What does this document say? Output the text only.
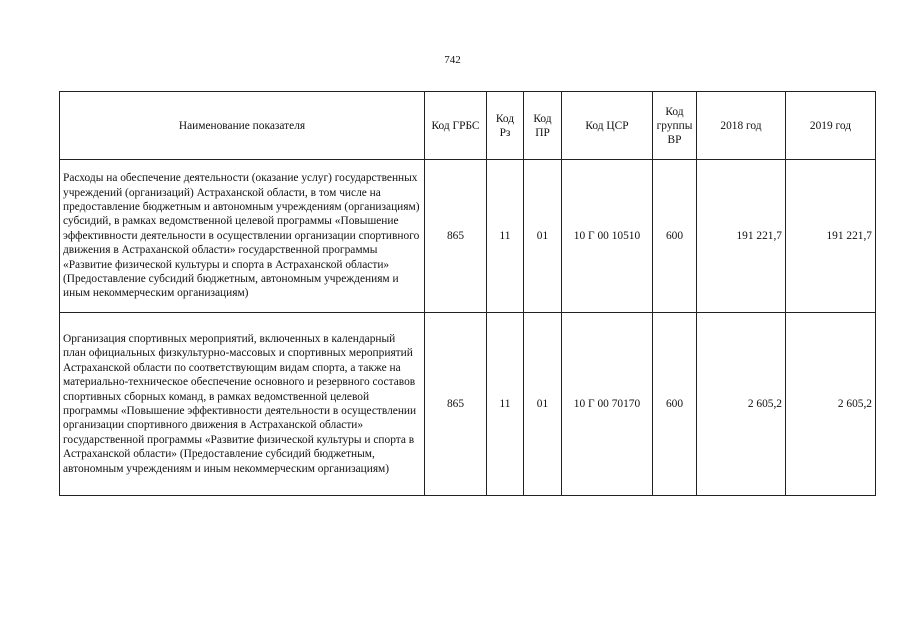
742
Наименование показателя	Код ГРБС	Код Рз	Код ПР	Код ЦСР	Код группы ВР	2018 год	2019 год
Расходы на обеспечение деятельности (оказание услуг) государственных учреждений (организаций) Астраханской области, в том числе на предоставление бюджетным и автономным учреждениям (организациям) субсидий, в рамках ведомственной целевой программы «Повышение эффективности деятельности в осуществлении организации спортивного движения в Астраханской области» государственной программы «Развитие физической культуры и спорта в Астраханской области» (Предоставление субсидий бюджетным, автономным учреждениям и иным некоммерческим организациям)	865	11	01	10 Г 00 10510	600	191 221,7	191 221,7
Организация спортивных мероприятий, включенных в календарный план официальных физкультурно-массовых и спортивных мероприятий Астраханской области по соответствующим видам спорта, а также на материально-техническое обеспечение основного и резервного составов спортивных сборных команд, в рамках ведомственной целевой программы «Повышение эффективности деятельности в осуществлении организации спортивного движения в Астраханской области» государственной программы «Развитие физической культуры и спорта в Астраханской области» (Предоставление субсидий бюджетным, автономным учреждениям и иным некоммерческим организациям)	865	11	01	10 Г 00 70170	600	2 605,2	2 605,2
